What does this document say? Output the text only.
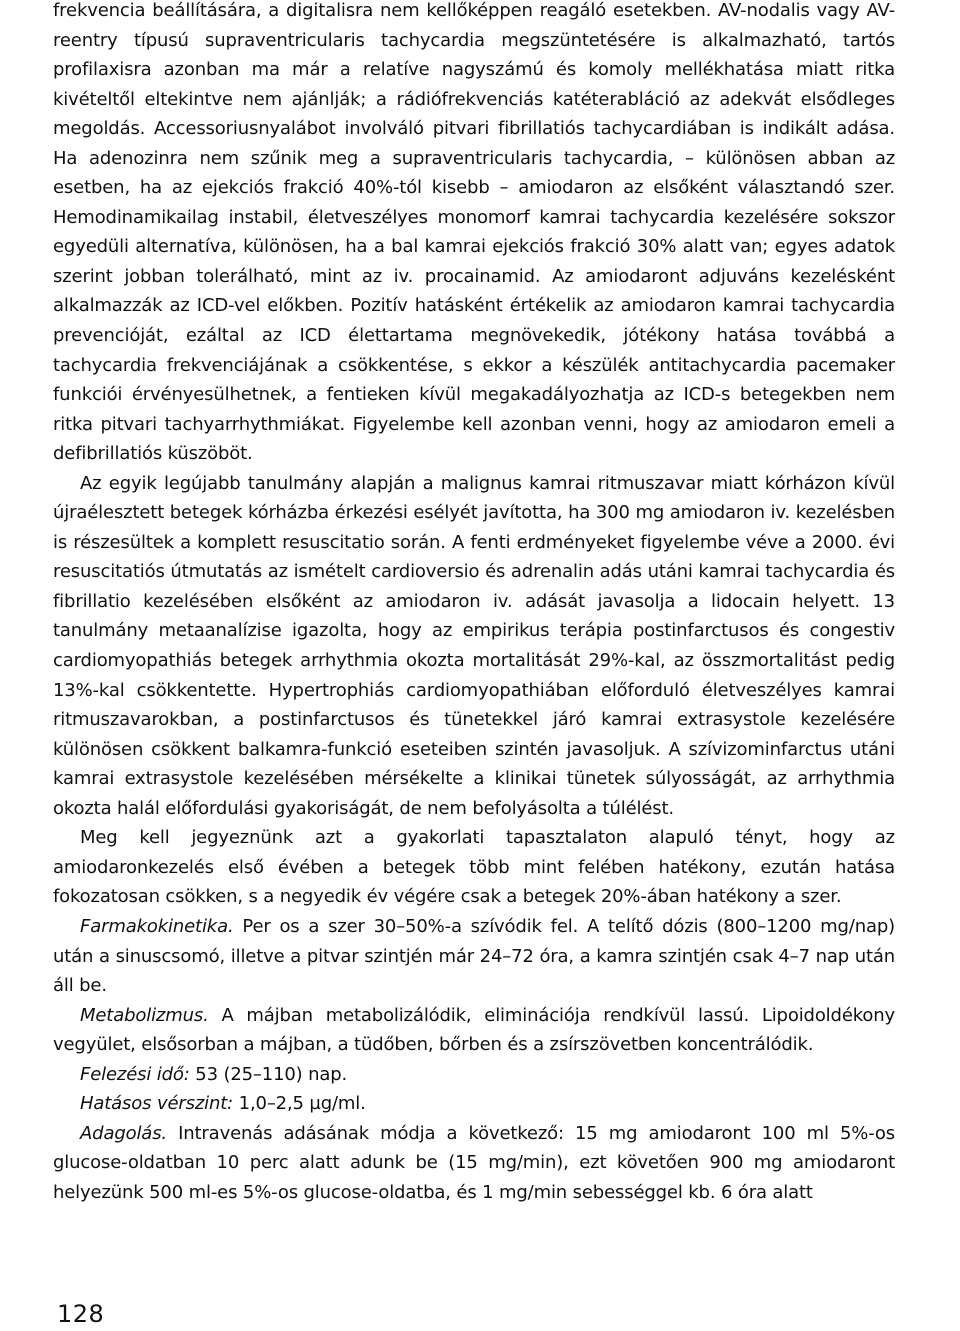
frekvencia beállítására, a digitalisra nem kellőképpen reagáló esetekben. AV-nodalis vagy AV-reentry típusú supraventricularis tachycardia megszüntetésére is alkalmazható, tartós profilaxisra azonban ma már a relatíve nagyszámú és komoly mellékhatása miatt ritka kivételtől eltekintve nem ajánlják; a rádiófrekvenciás katéterabláció az adekvát elsődleges megoldás. Accessoriusnyalábot involváló pitvari fibrillatiós tachycardiában is indikált adása. Ha adenozinra nem szűnik meg a supraventricularis tachycardia, – különösen abban az esetben, ha az ejekciós frakció 40%-tól kisebb – amiodaron az elsőként választandó szer. Hemodinamikailag instabil, életveszélyes monomorf kamrai tachycardia kezelésére sokszor egyedüli alternatíva, különösen, ha a bal kamrai ejekciós frakció 30% alatt van; egyes adatok szerint jobban tolerálható, mint az iv. procainamid. Az amiodaront adjuváns kezelésként alkalmazzák az ICD-vel előkben. Pozitív hatásként értékelik az amiodaron kamrai tachycardia prevencióját, ezáltal az ICD élettartama megnövekedik, jótékony hatása továbbá a tachycardia frekvenciájának a csökkentése, s ekkor a készülék antitachycardia pacemaker funkciói érvényesülhetnek, a fentieken kívül megakadályozhatja az ICD-s betegekben nem ritka pitvari tachyarrhythmiákat. Figyelembe kell azonban venni, hogy az amiodaron emeli a defibrillatiós küszöböt.

Az egyik legújabb tanulmány alapján a malignus kamrai ritmuszavar miatt kórházon kívül újraélesztett betegek kórházba érkezési esélyét javította, ha 300 mg amiodaron iv. kezelésben is részesültek a komplett resuscitatio során. A fenti erdményeket figyelembe véve a 2000. évi resuscitatiós útmutatás az ismételt cardioversio és adrenalin adás utáni kamrai tachycardia és fibrillatio kezelésében elsőként az amiodaron iv. adását javasolja a lidocain helyett. 13 tanulmány metaanalízise igazolta, hogy az empirikus terápia postinfarctusos és congestiv cardiomyopathiás betegek arrhythmia okozta mortalitását 29%-kal, az összmortalitást pedig 13%-kal csökkentette. Hypertrophiás cardiomyopathiában előforduló életveszélyes kamrai ritmuszavarokban, a postinfarctusos és tünetekkel járó kamrai extrasystole kezelésére különösen csökkent balkamra-funkció eseteiben szintén javasoljuk. A szívizominfarctus utáni kamrai extrasystole kezelésében mérsékelte a klinikai tünetek súlyosságát, az arrhythmia okozta halál előfordulási gyakoriságát, de nem befolyásolta a túlélést.

Meg kell jegyeznünk azt a gyakorlati tapasztalaton alapuló tényt, hogy az amiodaronkezelés első évében a betegek több mint felében hatékony, ezután hatása fokozatosan csökken, s a negyedik év végére csak a betegek 20%-ában hatékony a szer.

Farmakokinetika. Per os a szer 30–50%-a szívódik fel. A telítő dózis (800–1200 mg/nap) után a sinuscsomó, illetve a pitvar szintjén már 24–72 óra, a kamra szintjén csak 4–7 nap után áll be.

Metabolizmus. A májban metabolizálódik, eliminációja rendkívül lassú. Lipoidoldékony vegyület, elsősorban a májban, a tüdőben, bőrben és a zsírszövetben koncentrálódik.

Felezési idő: 53 (25–110) nap.

Hatásos vérszint: 1,0–2,5 µg/ml.

Adagolás. Intravenás adásának módja a következő: 15 mg amiodaront 100 ml 5%-os glucose-oldatban 10 perc alatt adunk be (15 mg/min), ezt követően 900 mg amiodaront helyezünk 500 ml-es 5%-os glucose-oldatba, és 1 mg/min sebességgel kb. 6 óra alatt

128
